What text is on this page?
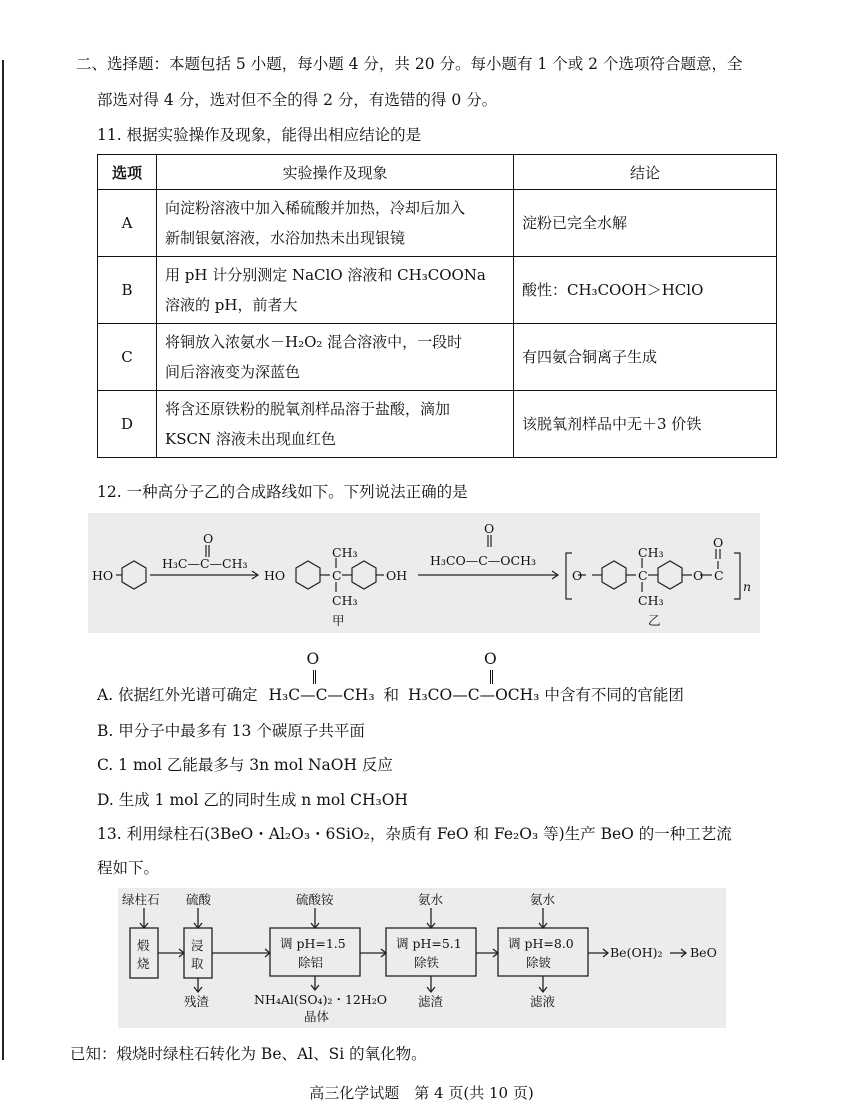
二、选择题：本题包括 5 小题，每小题 4 分，共 20 分。每小题有 1 个或 2 个选项符合题意，全
部选对得 4 分，选对但不全的得 2 分，有选错的得 0 分。
11. 根据实验操作及现象，能得出相应结论的是
选项	实验操作及现象	结论
A	向淀粉溶液中加入稀硫酸并加热，冷却后加入
新制银氨溶液，水浴加热未出现银镜	淀粉已完全水解
B	用 pH 计分别测定 NaClO 溶液和 CH₃COONa
溶液的 pH，前者大	酸性：CH₃COOH＞HClO
C	将铜放入浓氨水－H₂O₂ 混合溶液中，一段时
间后溶液变为深蓝色	有四氨合铜离子生成
D	将含还原铁粉的脱氧剂样品溶于盐酸，滴加
KSCN 溶液未出现血红色	该脱氧剂样品中无＋3 价铁
12. 一种高分子乙的合成路线如下。下列说法正确的是
HO
O
H₃C—C—CH₃
HO
CH₃
C
CH₃
OH
甲
O
H₃CO—C—OCH₃
O
CH₃
C
CH₃
O C
O
n
乙
A. 依据红外光谱可确定
O
H₃C—C—CH₃ 和
O
H₃CO—C—OCH₃ 中含有不同的官能团
B. 甲分子中最多有 13 个碳原子共平面
C. 1 mol 乙能最多与 3n mol NaOH 反应
D. 生成 1 mol 乙的同时生成 n mol CH₃OH
13. 利用绿柱石(3BeO・Al₂O₃・6SiO₂，杂质有 FeO 和 Fe₂O₃ 等)生产 BeO 的一种工艺流
程如下。
绿柱石 硫酸	硫酸铵	氨水	氨水
煅
烧
浸
取
调 pH=1.5
除铝
调 pH=5.1
除铁
调 pH=8.0
除铍
Be(OH)₂ BeO
残渣	NH₄Al(SO₄)₂・12H₂O
晶体
滤渣	滤液
已知：煅烧时绿柱石转化为 Be、Al、Si 的氧化物。
高三化学试题　第 4 页(共 10 页)
